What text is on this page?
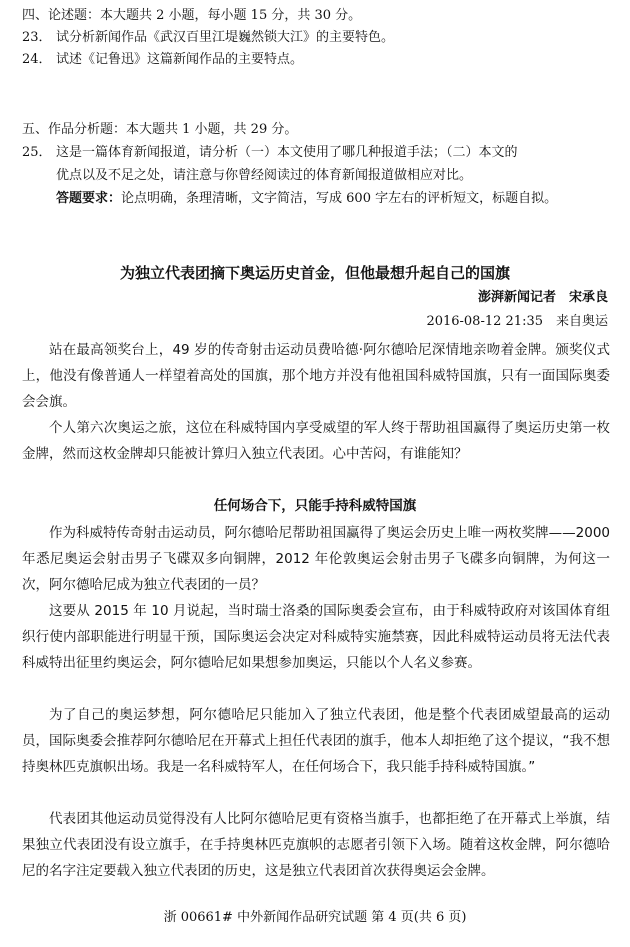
四、论述题：本大题共 2 小题，每小题 15 分，共 30 分。
23． 试分析新闻作品《武汉百里江堤巍然锁大江》的主要特色。
24． 试述《记鲁迅》这篇新闻作品的主要特点。
五、作品分析题：本大题共 1 小题，共 29 分。
25． 这是一篇体育新闻报道，请分析（一）本文使用了哪几种报道手法；（二）本文的
优点以及不足之处，请注意与你曾经阅读过的体育新闻报道做相应对比。
答题要求：论点明确，条理清晰，文字简洁，写成 600 字左右的评析短文，标题自拟。
为独立代表团摘下奥运历史首金，但他最想升起自己的国旗
澎湃新闻记者　宋承良
2016-08-12 21:35　来自奥运
站在最高领奖台上，49 岁的传奇射击运动员费哈德·阿尔德哈尼深情地亲吻着金牌。颁奖仪式上，他没有像普通人一样望着高处的国旗，那个地方并没有他祖国科威特国旗，只有一面国际奥委会会旗。
个人第六次奥运之旅，这位在科威特国内享受威望的军人终于帮助祖国赢得了奥运历史第一枚金牌，然而这枚金牌却只能被计算归入独立代表团。心中苦闷，有谁能知？
任何场合下，只能手持科威特国旗
作为科威特传奇射击运动员，阿尔德哈尼帮助祖国赢得了奥运会历史上唯一两枚奖牌——2000 年悉尼奥运会射击男子飞碟双多向铜牌，2012 年伦敦奥运会射击男子飞碟多向铜牌，为何这一次，阿尔德哈尼成为独立代表团的一员？
这要从 2015 年 10 月说起，当时瑞士洛桑的国际奥委会宣布，由于科威特政府对该国体育组织行使内部职能进行明显干预，国际奥运会决定对科威特实施禁赛，因此科威特运动员将无法代表科威特出征里约奥运会，阿尔德哈尼如果想参加奥运，只能以个人名义参赛。
为了自己的奥运梦想，阿尔德哈尼只能加入了独立代表团，他是整个代表团威望最高的运动员，国际奥委会推荐阿尔德哈尼在开幕式上担任代表团的旗手，他本人却拒绝了这个提议，“我不想持奥林匹克旗帜出场。我是一名科威特军人，在任何场合下，我只能手持科威特国旗。”
代表团其他运动员觉得没有人比阿尔德哈尼更有资格当旗手，也都拒绝了在开幕式上举旗，结果独立代表团没有设立旗手，在手持奥林匹克旗帜的志愿者引领下入场。随着这枚金牌，阿尔德哈尼的名字注定要载入独立代表团的历史，这是独立代表团首次获得奥运会金牌。
浙 00661# 中外新闻作品研究试题 第 4 页(共 6 页)
